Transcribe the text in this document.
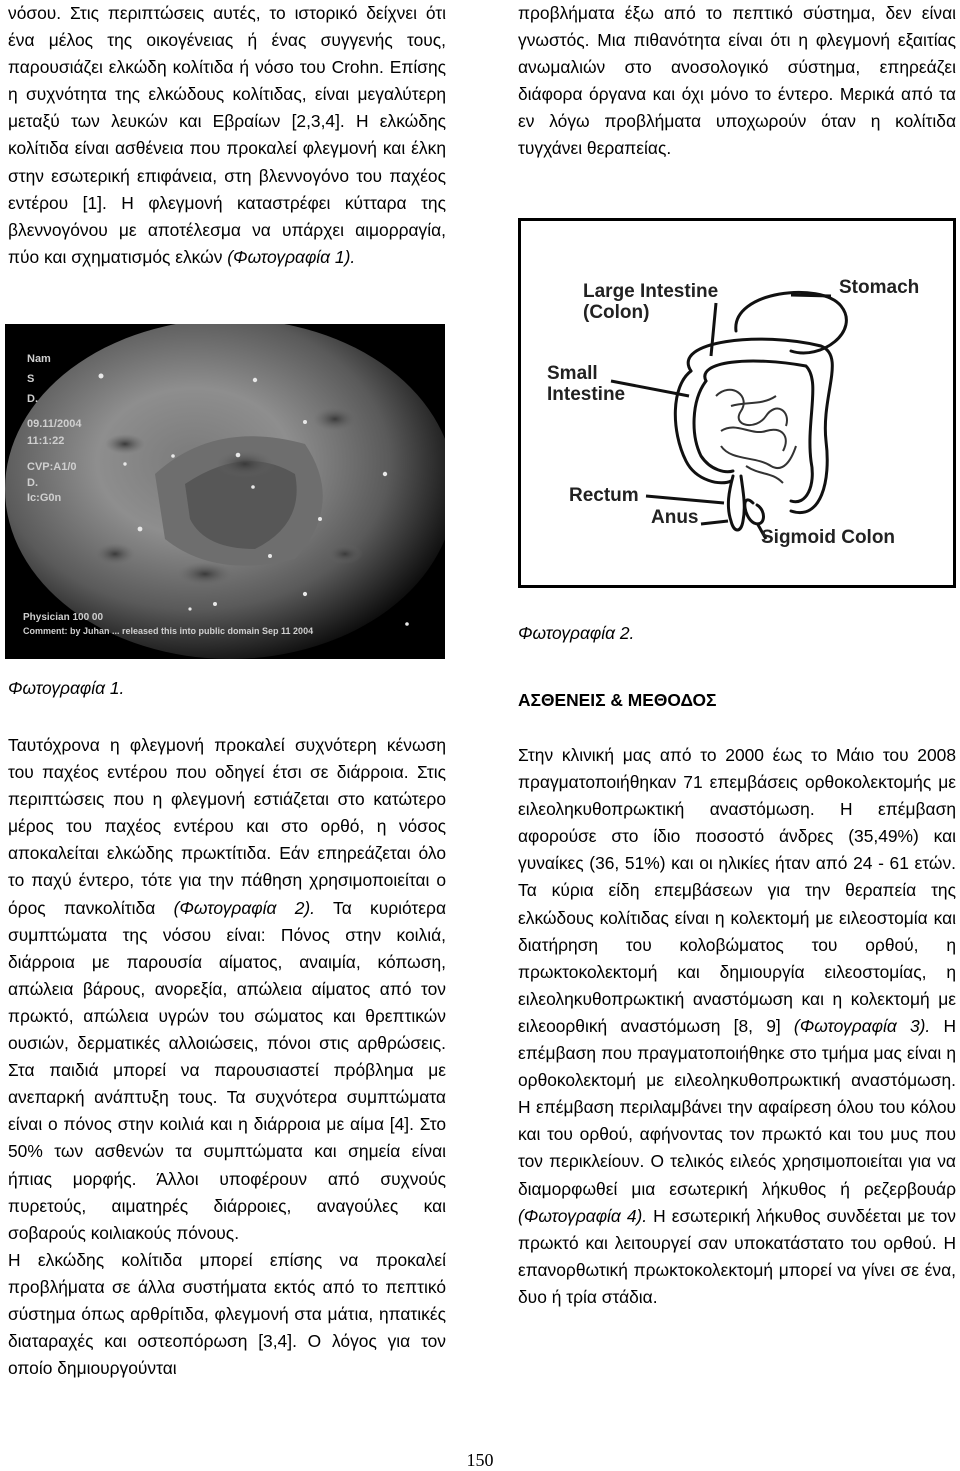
νόσου. Στις περιπτώσεις αυτές, το ιστορικό δείχνει ότι ένα μέλος της οικογένειας ή ένας συγγενής τους, παρουσιάζει ελκώδη κολίτιδα ή νόσο του Crohn. Επίσης η συχνότητα της ελκώδους κολίτιδας, είναι μεγαλύτερη μεταξύ των λευκών και Εβραίων [2,3,4]. Η ελκώδης κολίτιδα είναι ασθένεια που προκαλεί φλεγμονή και έλκη στην εσωτερική επιφάνεια, στη βλεννογόνο του παχέος εντέρου [1]. Η φλεγμονή καταστρέφει κύτταρα της βλεννογόνου με αποτέλεσμα να υπάρχει αιμορραγία, πύο και σχηματισμός ελκών (Φωτογραφία 1).

Nam
S
D.
09.11/2004
11:1:22
CVP:A1/0
D.
Ic:G0n
Physician 100 00
Comment: by Juhan ... released this into public domain Sep 11 2004
Φωτογραφία 1.

Ταυτόχρονα η φλεγμονή προκαλεί συχνότερη κένωση του παχέος εντέρου που οδηγεί έτσι σε διάρροια. Στις περιπτώσεις που η φλεγμονή εστιάζεται στο κατώτερο μέρος του παχέος εντέρου και στο ορθό, η νόσος αποκαλείται ελκώδης πρωκτίτιδα. Εάν επηρεάζεται όλο το παχύ έντερο, τότε για την πάθηση χρησιμοποιείται ο όρος πανκολίτιδα (Φωτογραφία 2). Τα κυριότερα συμπτώματα της νόσου είναι: Πόνος στην κοιλιά, διάρροια με παρουσία αίματος, αναιμία, κόπωση, απώλεια βάρους, ανορεξία, απώλεια αίματος από τον πρωκτό, απώλεια υγρών του σώματος και θρεπτικών ουσιών, δερματικές αλλοιώσεις, πόνοι στις αρθρώσεις. Στα παιδιά μπορεί να παρουσιαστεί πρόβλημα με ανεπαρκή ανάπτυξη τους. Τα συχνότερα συμπτώματα είναι ο πόνος στην κοιλιά και η διάρροια με αίμα [4]. Στο 50% των ασθενών τα συμπτώματα και σημεία είναι ήπιας μορφής. Άλλοι υποφέρουν από συχνούς πυρετούς, αιματηρές διάρροιες, αναγούλες και σοβαρούς κοιλιακούς πόνους.

Η ελκώδης κολίτιδα μπορεί επίσης να προκαλεί προβλήματα σε άλλα συστήματα εκτός από το πεπτικό σύστημα όπως αρθρίτιδα, φλεγμονή στα μάτια, ηπατικές διαταραχές και οστεοπόρωση [3,4]. Ο λόγος για τον οποίο δημιουργούνται

προβλήματα έξω από το πεπτικό σύστημα, δεν είναι γνωστός. Μια πιθανότητα είναι ότι η φλεγμονή εξαιτίας ανωμαλιών στο ανοσολογικό σύστημα, επηρεάζει διάφορα όργανα και όχι μόνο το έντερο. Μερικά από τα εν λόγω προβλήματα υποχωρούν όταν η κολίτιδα τυγχάνει θεραπείας.

Large Intestine
(Colon)
Stomach
Small
Intestine
Rectum
Anus
Sigmoid Colon
Φωτογραφία 2.
ΑΣΘΕΝΕΙΣ & ΜΕΘΟΔΟΣ

Στην κλινική μας από το 2000 έως το Μάιο του 2008 πραγματοποιήθηκαν 71 επεμβάσεις ορθοκολεκτομής με ειλεοληκυθοπρωκτική αναστόμωση. Η επέμβαση αφορούσε στο ίδιο ποσοστό άνδρες (35,49%) και γυναίκες (36, 51%) και οι ηλικίες ήταν από 24 - 61 ετών. Τα κύρια είδη επεμβάσεων για την θεραπεία της ελκώδους κολίτιδας είναι η κολεκτομή με ειλεοστομία και διατήρηση του κολοβώματος του ορθού, η πρωκτοκολεκτομή και δημιουργία ειλεοστομίας, η ειλεοληκυθοπρωκτική αναστόμωση και η κολεκτομή με ειλεοορθική αναστόμωση [8, 9] (Φωτογραφία 3). Η επέμβαση που πραγματοποιήθηκε στο τμήμα μας είναι η ορθοκολεκτομή με ειλεοληκυθοπρωκτική αναστόμωση. Η επέμβαση περιλαμβάνει την αφαίρεση όλου του κόλου και του ορθού, αφήνοντας τον πρωκτό και του μυς που τον περικλείουν. Ο τελικός ειλεός χρησιμοποιείται για να διαμορφωθεί μια εσωτερική λήκυθος ή ρεζερβουάρ (Φωτογραφία 4). Η εσωτερική λήκυθος συνδέεται με τον πρωκτό και λειτουργεί σαν υποκατάστατο του ορθού. Η επανορθωτική πρωκτοκολεκτομή μπορεί να γίνει σε ένα, δυο ή τρία στάδια.

150
